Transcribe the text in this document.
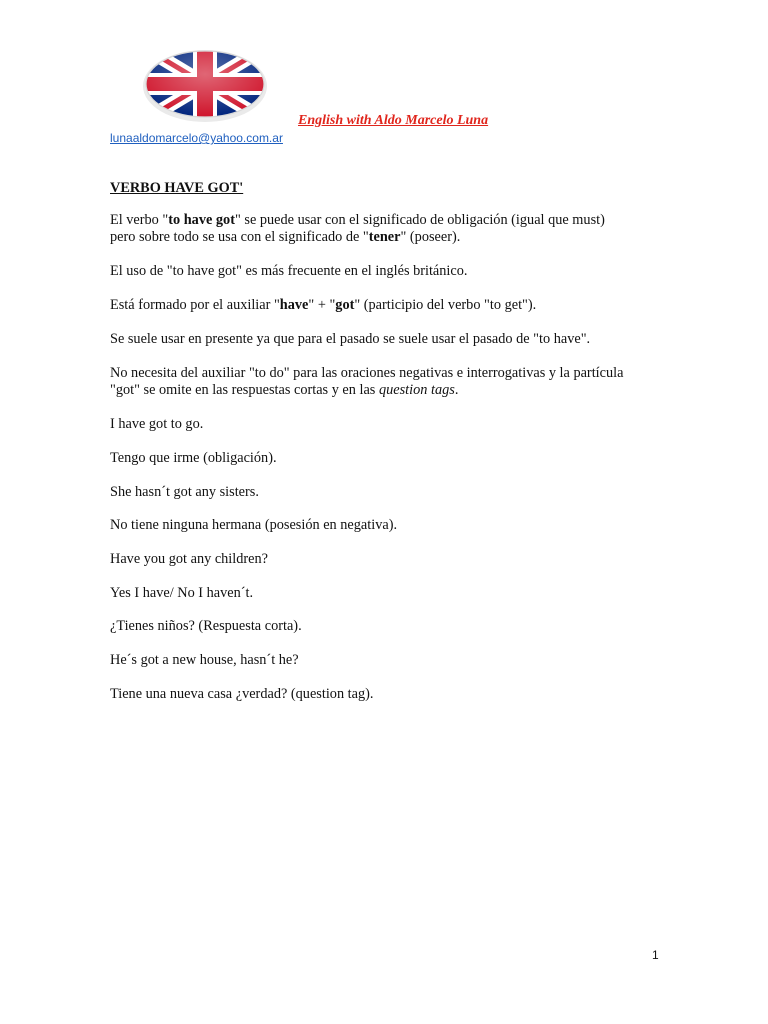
English with Aldo Marcelo Luna
lunaaldomarcelo@yahoo.com.ar

VERBO HAVE GOT'

El verbo "to have got" se puede usar con el significado de obligación (igual que must)
pero sobre todo se usa con el significado de "tener" (poseer).

El uso de "to have got" es más frecuente en el inglés británico.

Está formado por el auxiliar "have" + "got" (participio del verbo "to get").

Se suele usar en presente ya que para el pasado se suele usar el pasado de "to have".

No necesita del auxiliar "to do" para las oraciones negativas e interrogativas y la partícula
"got" se omite en las respuestas cortas y en las question tags.

I have got to go.

Tengo que irme (obligación).

She hasn´t got any sisters.

No tiene ninguna hermana (posesión en negativa).

Have you got any children?

Yes I have/ No I haven´t.

¿Tienes niños? (Respuesta corta).

He´s got a new house, hasn´t he?

Tiene una nueva casa ¿verdad? (question tag).

1
